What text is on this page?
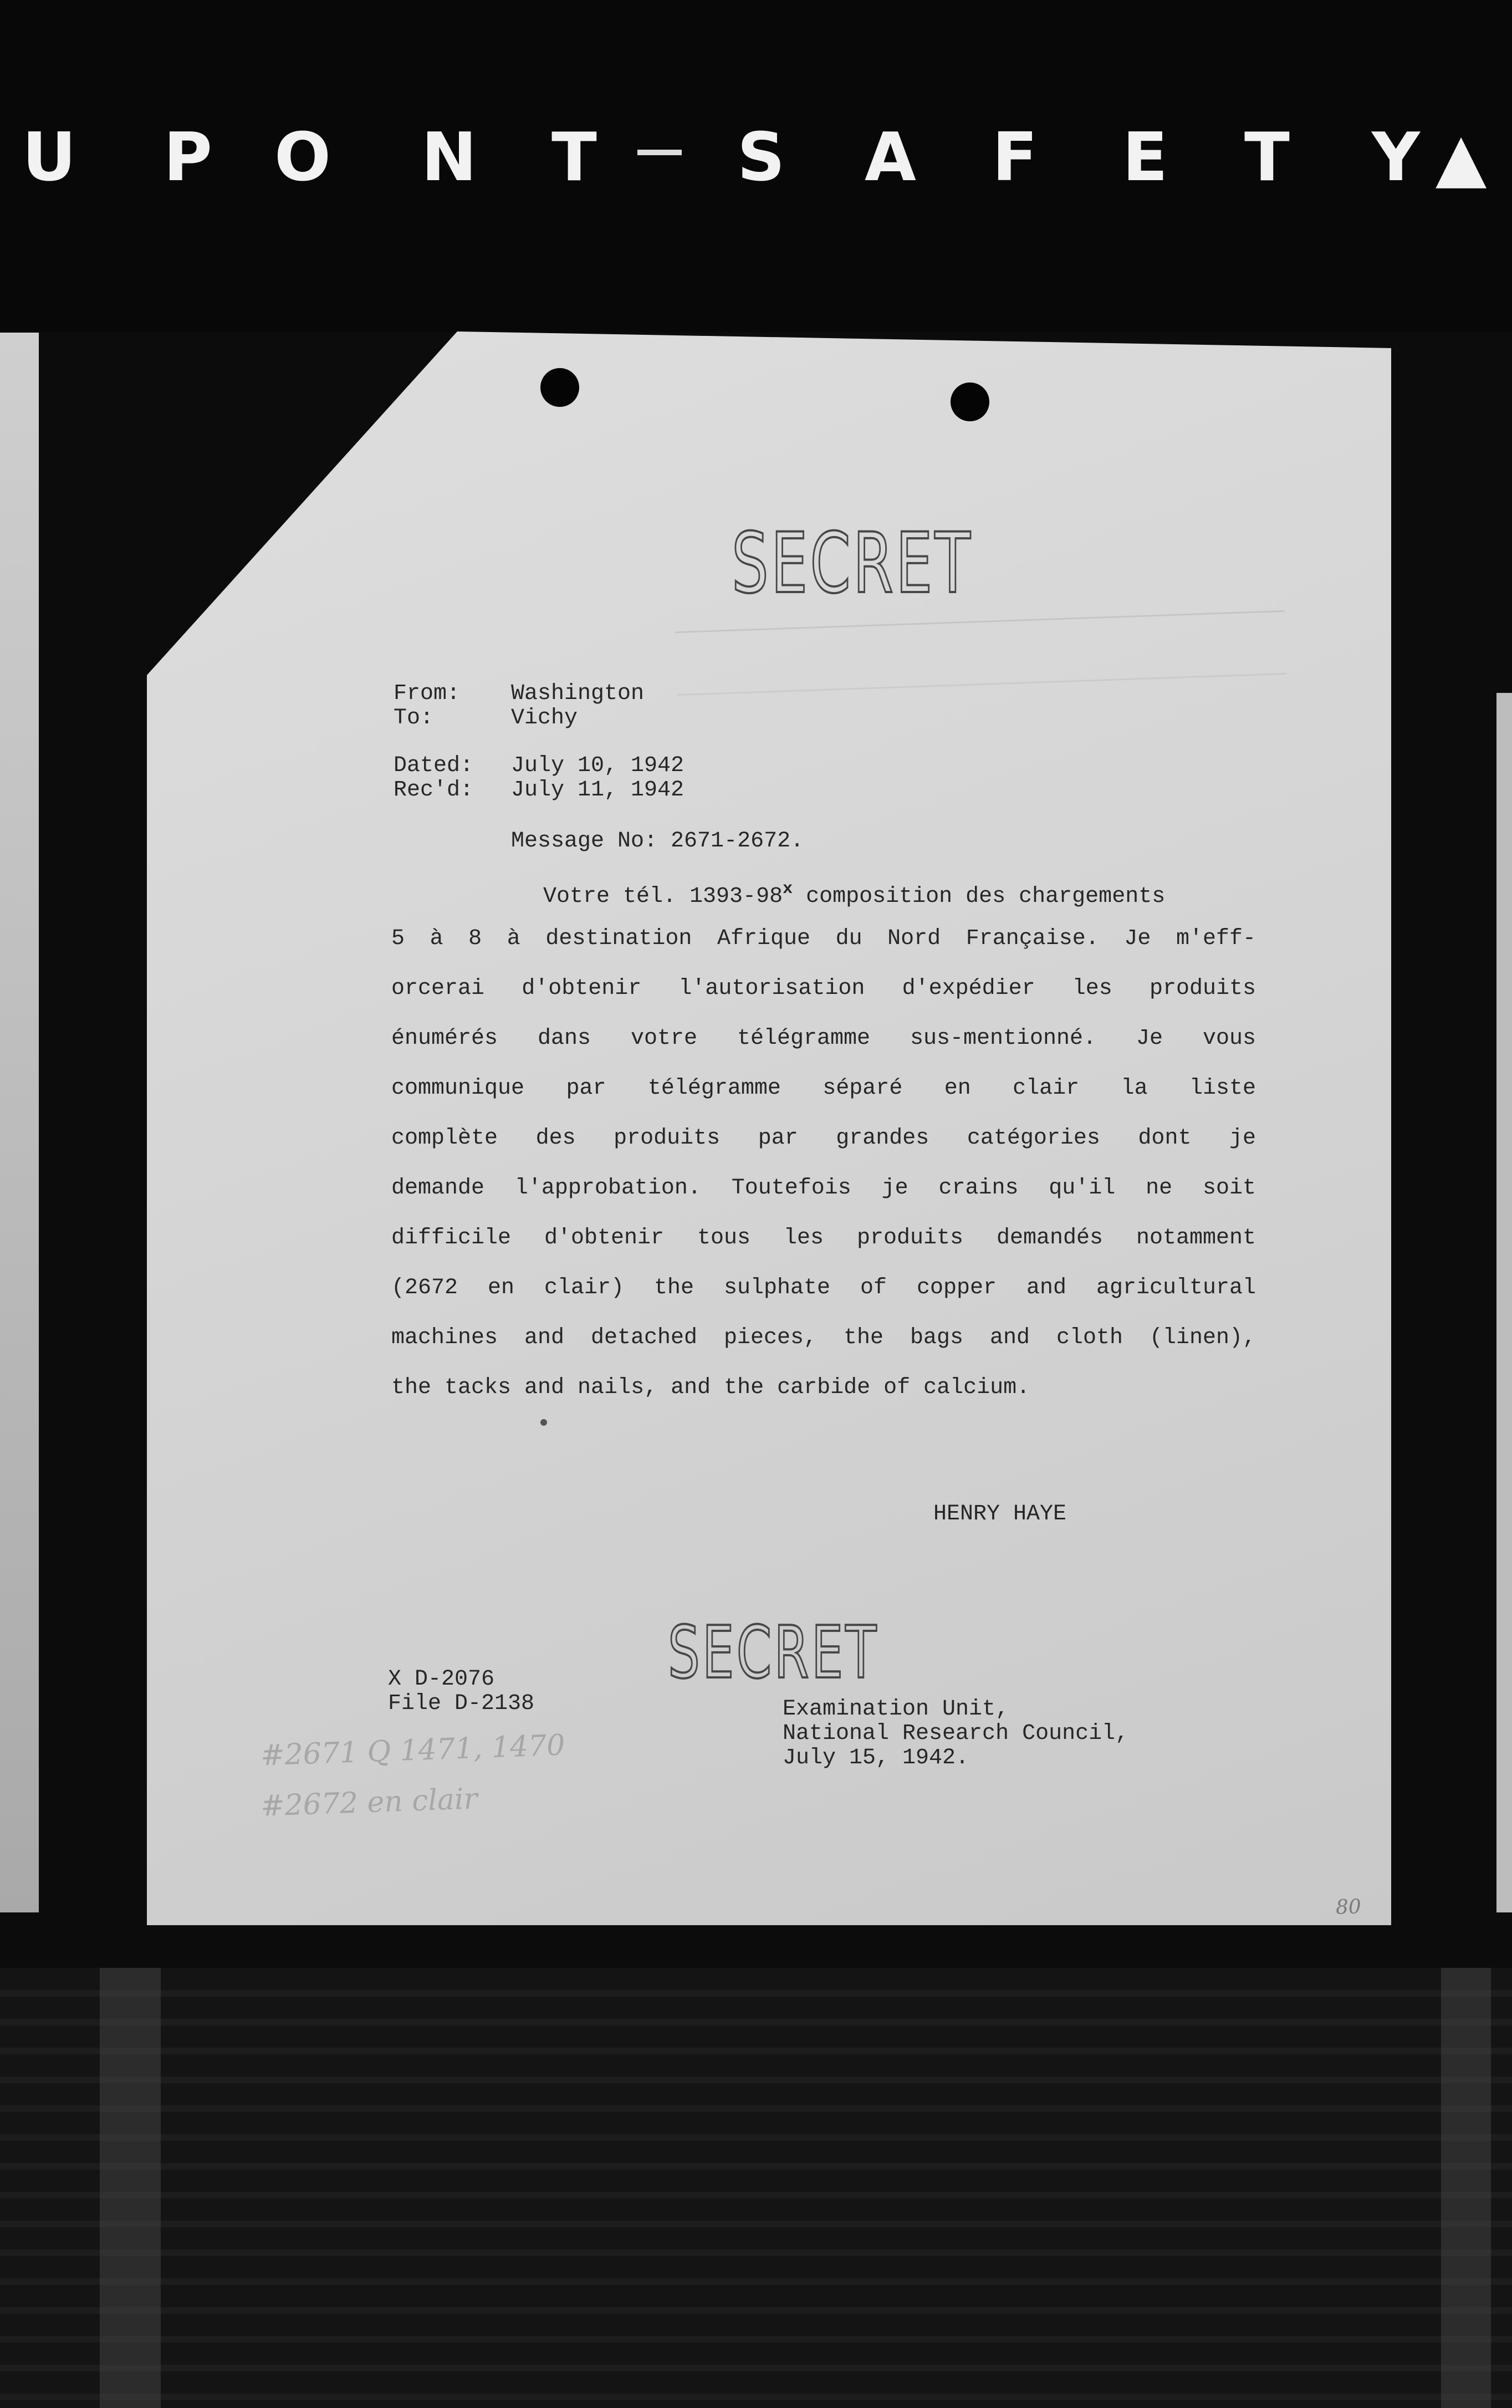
U P O N T S A F E T Y ▲
SECRET
From: Washington
To:	Vichy
Dated: July 10, 1942
Rec'd: July 11, 1942
Message No: 2671-2672.
Votre tél. 1393-98$^x$ composition des chargements
5 à 8 à destination Afrique du Nord Française. Je m'eff-
orcerai d'obtenir l'autorisation d'expédier les produits
énumérés dans votre télégramme sus-mentionné. Je vous
communique par télégramme séparé en clair la liste
complète des produits par grandes catégories dont je
demande l'approbation. Toutefois je crains qu'il ne soit
difficile d'obtenir tous les produits demandés notamment
(2672 en clair) the sulphate of copper and agricultural
machines and detached pieces, the bags and cloth (linen),
the tacks and nails, and the carbide of calcium.
HENRY HAYE
SECRET
X D-2076
File D-2138	Examination Unit,
National Research Council,
July 15, 1942.
#2671 Q 1471, 1470
#2672 en clair
80
